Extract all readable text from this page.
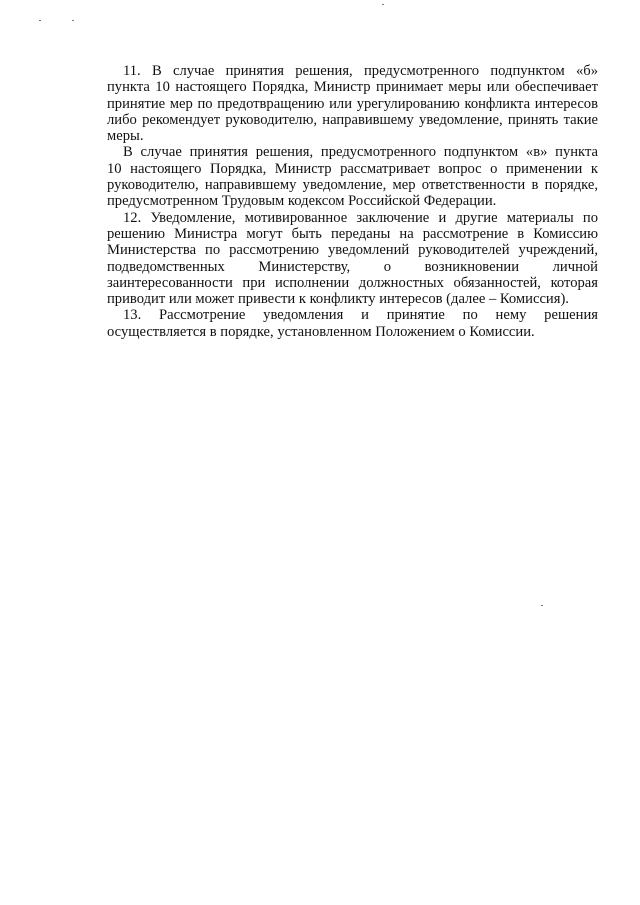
11. В случае принятия решения, предусмотренного подпунктом «б»
пункта 10 настоящего Порядка, Министр принимает меры или обеспечивает
принятие мер по предотвращению или урегулированию конфликта интересов
либо рекомендует руководителю, направившему уведомление, принять такие
меры.
В случае принятия решения, предусмотренного подпунктом «в» пункта
10 настоящего Порядка, Министр рассматривает вопрос о применении к
руководителю, направившему уведомление, мер ответственности в порядке,
предусмотренном Трудовым кодексом Российской Федерации.
12. Уведомление, мотивированное заключение и другие материалы по
решению Министра могут быть переданы на рассмотрение в Комиссию
Министерства по рассмотрению уведомлений руководителей учреждений,
подведомственных Министерству, о возникновении личной
заинтересованности при исполнении должностных обязанностей, которая
приводит или может привести к конфликту интересов (далее – Комиссия).
13. Рассмотрение уведомления и принятие по нему решения
осуществляется в порядке, установленном Положением о Комиссии.
